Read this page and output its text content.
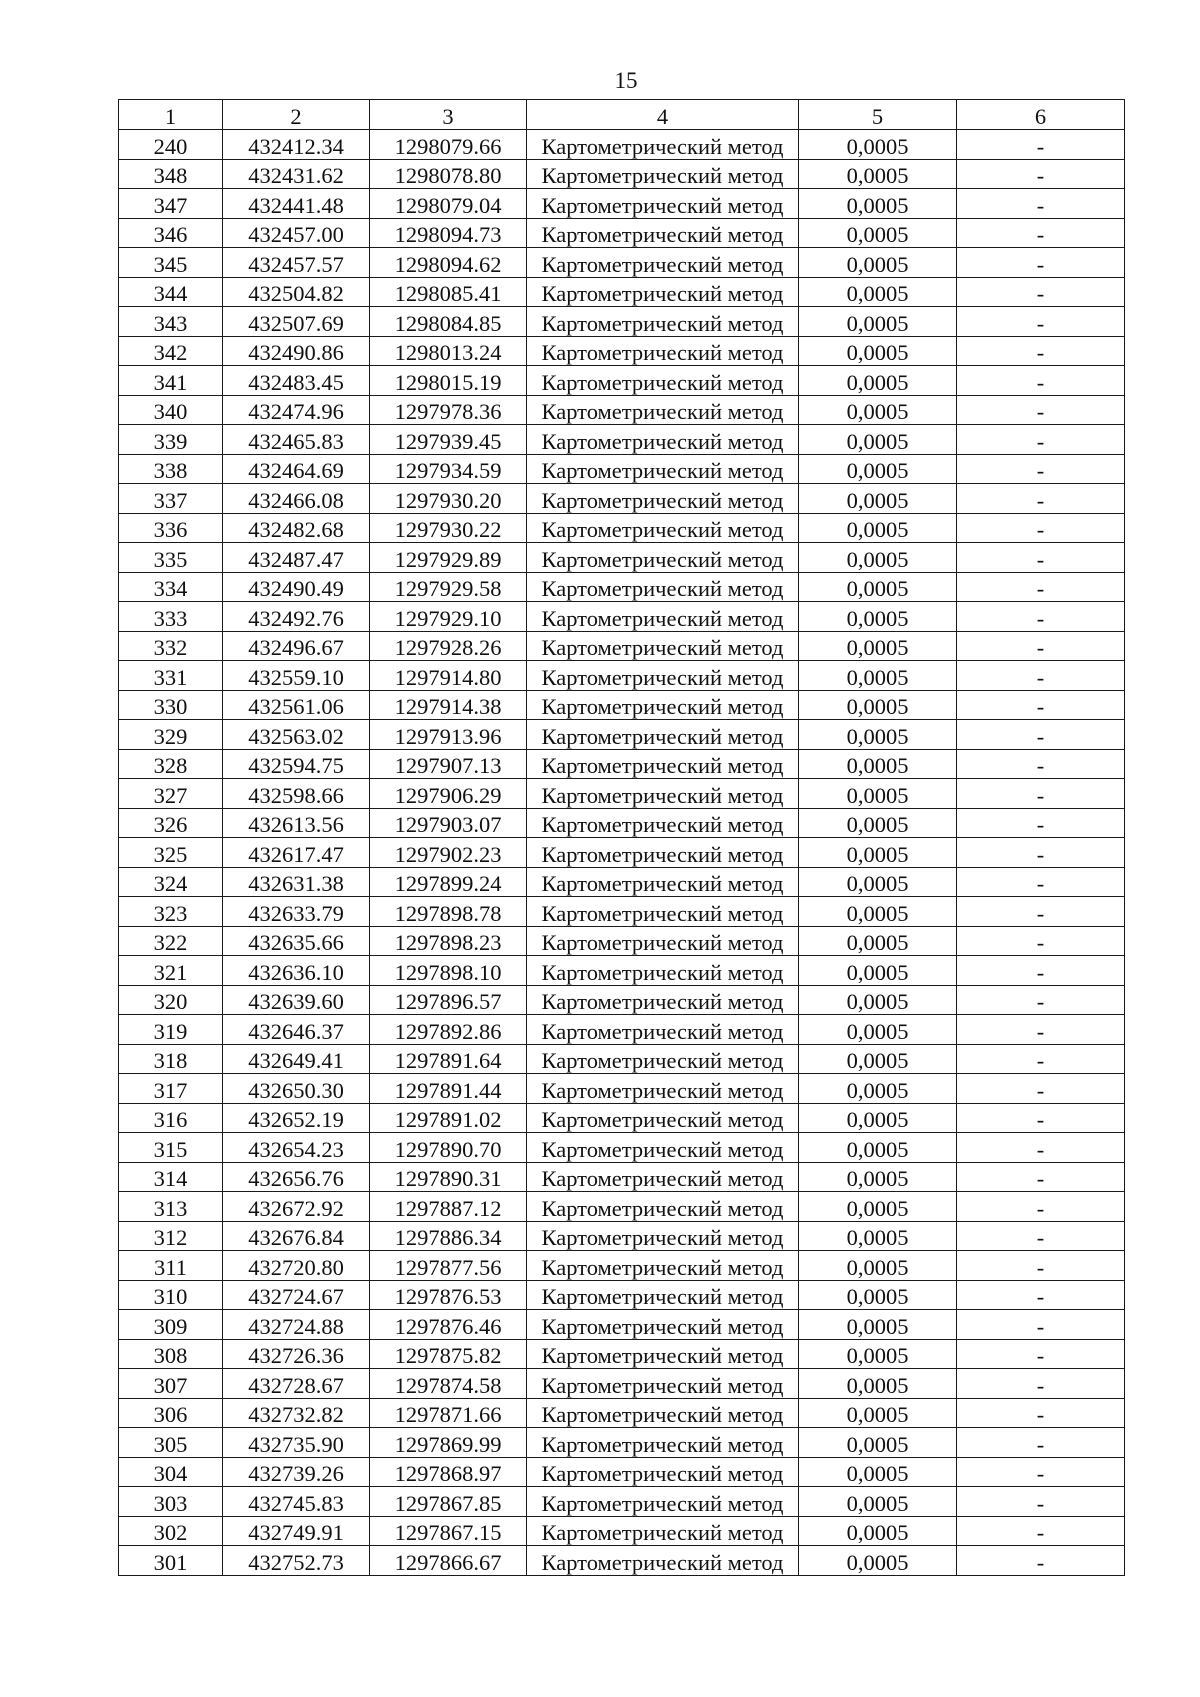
15
1	2	3	4	5	6
240	432412.34	1298079.66	Картометрический метод	0,0005	-
348	432431.62	1298078.80	Картометрический метод	0,0005	-
347	432441.48	1298079.04	Картометрический метод	0,0005	-
346	432457.00	1298094.73	Картометрический метод	0,0005	-
345	432457.57	1298094.62	Картометрический метод	0,0005	-
344	432504.82	1298085.41	Картометрический метод	0,0005	-
343	432507.69	1298084.85	Картометрический метод	0,0005	-
342	432490.86	1298013.24	Картометрический метод	0,0005	-
341	432483.45	1298015.19	Картометрический метод	0,0005	-
340	432474.96	1297978.36	Картометрический метод	0,0005	-
339	432465.83	1297939.45	Картометрический метод	0,0005	-
338	432464.69	1297934.59	Картометрический метод	0,0005	-
337	432466.08	1297930.20	Картометрический метод	0,0005	-
336	432482.68	1297930.22	Картометрический метод	0,0005	-
335	432487.47	1297929.89	Картометрический метод	0,0005	-
334	432490.49	1297929.58	Картометрический метод	0,0005	-
333	432492.76	1297929.10	Картометрический метод	0,0005	-
332	432496.67	1297928.26	Картометрический метод	0,0005	-
331	432559.10	1297914.80	Картометрический метод	0,0005	-
330	432561.06	1297914.38	Картометрический метод	0,0005	-
329	432563.02	1297913.96	Картометрический метод	0,0005	-
328	432594.75	1297907.13	Картометрический метод	0,0005	-
327	432598.66	1297906.29	Картометрический метод	0,0005	-
326	432613.56	1297903.07	Картометрический метод	0,0005	-
325	432617.47	1297902.23	Картометрический метод	0,0005	-
324	432631.38	1297899.24	Картометрический метод	0,0005	-
323	432633.79	1297898.78	Картометрический метод	0,0005	-
322	432635.66	1297898.23	Картометрический метод	0,0005	-
321	432636.10	1297898.10	Картометрический метод	0,0005	-
320	432639.60	1297896.57	Картометрический метод	0,0005	-
319	432646.37	1297892.86	Картометрический метод	0,0005	-
318	432649.41	1297891.64	Картометрический метод	0,0005	-
317	432650.30	1297891.44	Картометрический метод	0,0005	-
316	432652.19	1297891.02	Картометрический метод	0,0005	-
315	432654.23	1297890.70	Картометрический метод	0,0005	-
314	432656.76	1297890.31	Картометрический метод	0,0005	-
313	432672.92	1297887.12	Картометрический метод	0,0005	-
312	432676.84	1297886.34	Картометрический метод	0,0005	-
311	432720.80	1297877.56	Картометрический метод	0,0005	-
310	432724.67	1297876.53	Картометрический метод	0,0005	-
309	432724.88	1297876.46	Картометрический метод	0,0005	-
308	432726.36	1297875.82	Картометрический метод	0,0005	-
307	432728.67	1297874.58	Картометрический метод	0,0005	-
306	432732.82	1297871.66	Картометрический метод	0,0005	-
305	432735.90	1297869.99	Картометрический метод	0,0005	-
304	432739.26	1297868.97	Картометрический метод	0,0005	-
303	432745.83	1297867.85	Картометрический метод	0,0005	-
302	432749.91	1297867.15	Картометрический метод	0,0005	-
301	432752.73	1297866.67	Картометрический метод	0,0005	-
